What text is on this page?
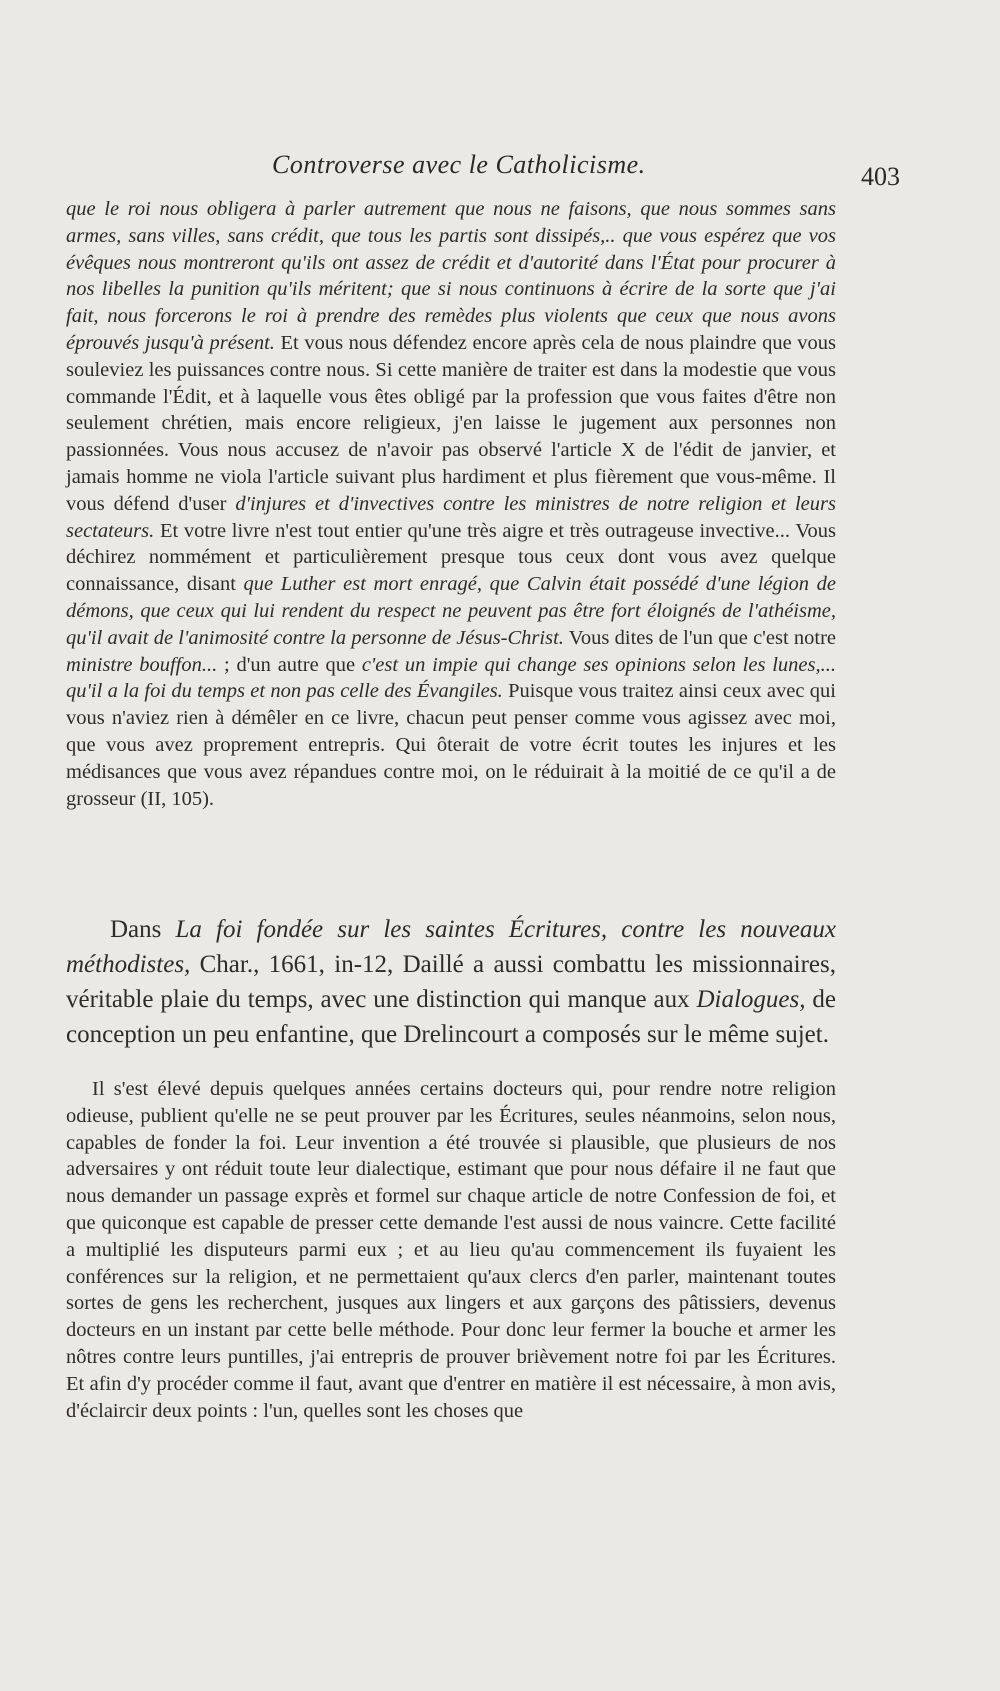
Controverse avec le Catholicisme.	403

que le roi nous obligera à parler autrement que nous ne faisons, que nous sommes sans armes, sans villes, sans crédit, que tous les partis sont dissipés,.. que vous espérez que vos évêques nous montreront qu'ils ont assez de crédit et d'autorité dans l'État pour procurer à nos libelles la punition qu'ils méritent; que si nous continuons à écrire de la sorte que j'ai fait, nous forcerons le roi à prendre des remèdes plus violents que ceux que nous avons éprouvés jusqu'à présent. Et vous nous défendez encore après cela de nous plaindre que vous souleviez les puissances contre nous. Si cette manière de traiter est dans la modestie que vous commande l'Édit, et à laquelle vous êtes obligé par la profession que vous faites d'être non seulement chrétien, mais encore religieux, j'en laisse le jugement aux personnes non passionnées. Vous nous accusez de n'avoir pas observé l'article X de l'édit de janvier, et jamais homme ne viola l'article suivant plus hardiment et plus fièrement que vous-même. Il vous défend d'user d'injures et d'invectives contre les ministres de notre religion et leurs sectateurs. Et votre livre n'est tout entier qu'une très aigre et très outrageuse invective... Vous déchirez nommément et particulièrement presque tous ceux dont vous avez quelque connaissance, disant que Luther est mort enragé, que Calvin était possédé d'une légion de démons, que ceux qui lui rendent du respect ne peuvent pas être fort éloignés de l'athéisme, qu'il avait de l'animosité contre la personne de Jésus-Christ. Vous dites de l'un que c'est notre ministre bouffon... ; d'un autre que c'est un impie qui change ses opinions selon les lunes,... qu'il a la foi du temps et non pas celle des Évangiles. Puisque vous traitez ainsi ceux avec qui vous n'aviez rien à démêler en ce livre, chacun peut penser comme vous agissez avec moi, que vous avez proprement entrepris. Qui ôterait de votre écrit toutes les injures et les médisances que vous avez répandues contre moi, on le réduirait à la moitié de ce qu'il a de grosseur (II, 105).

Dans La foi fondée sur les saintes Écritures, contre les nouveaux méthodistes, Char., 1661, in-12, Daillé a aussi combattu les missionnaires, véritable plaie du temps, avec une distinction qui manque aux Dialogues, de conception un peu enfantine, que Drelincourt a composés sur le même sujet.

Il s'est élevé depuis quelques années certains docteurs qui, pour rendre notre religion odieuse, publient qu'elle ne se peut prouver par les Écritures, seules néanmoins, selon nous, capables de fonder la foi. Leur invention a été trouvée si plausible, que plusieurs de nos adversaires y ont réduit toute leur dialectique, estimant que pour nous défaire il ne faut que nous demander un passage exprès et formel sur chaque article de notre Confession de foi, et que quiconque est capable de presser cette demande l'est aussi de nous vaincre. Cette facilité a multiplié les disputeurs parmi eux ; et au lieu qu'au commencement ils fuyaient les conférences sur la religion, et ne permettaient qu'aux clercs d'en parler, maintenant toutes sortes de gens les recherchent, jusques aux lingers et aux garçons des pâtissiers, devenus docteurs en un instant par cette belle méthode. Pour donc leur fermer la bouche et armer les nôtres contre leurs puntilles, j'ai entrepris de prouver brièvement notre foi par les Écritures. Et afin d'y procéder comme il faut, avant que d'entrer en matière il est nécessaire, à mon avis, d'éclaircir deux points : l'un, quelles sont les choses que
